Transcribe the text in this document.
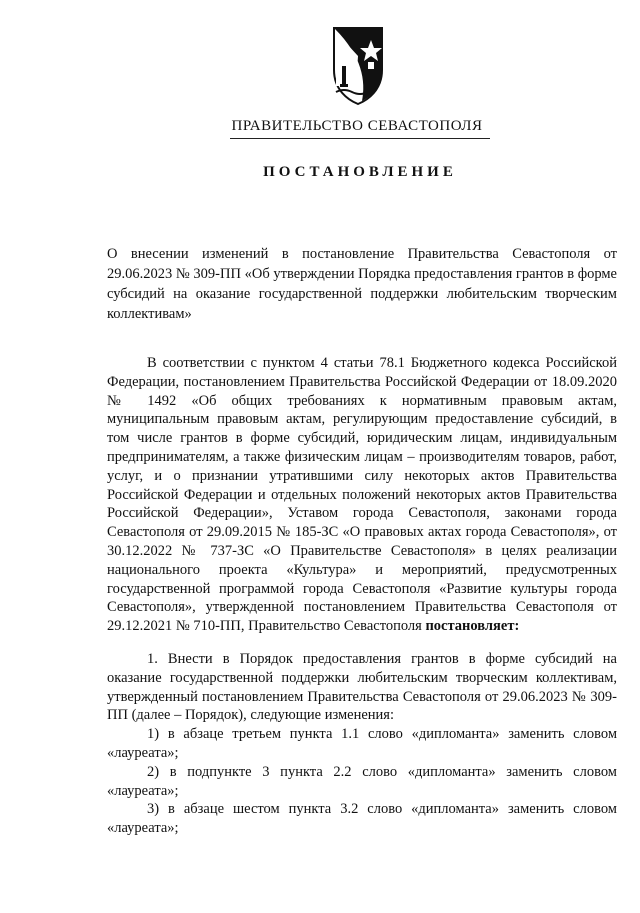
ПРАВИТЕЛЬСТВО СЕВАСТОПОЛЯ
ПОСТАНОВЛЕНИЕ
О внесении изменений в постановление Правительства Севастополя от 29.06.2023 № 309-ПП «Об утверждении Порядка предоставления грантов в форме субсидий на оказание государственной поддержки любительским творческим коллективам»

В соответствии с пунктом 4 статьи 78.1 Бюджетного кодекса Российской Федерации, постановлением Правительства Российской Федерации от 18.09.2020 № 1492 «Об общих требованиях к нормативным правовым актам, муниципальным правовым актам, регулирующим предоставление субсидий, в том числе грантов в форме субсидий, юридическим лицам, индивидуальным предпринимателям, а также физическим лицам – производителям товаров, работ, услуг, и о признании утратившими силу некоторых актов Правительства Российской Федерации и отдельных положений некоторых актов Правительства Российской Федерации», Уставом города Севастополя, законами города Севастополя от 29.09.2015 № 185-ЗС «О правовых актах города Севастополя», от 30.12.2022 № 737-ЗС «О Правительстве Севастополя» в целях реализации национального проекта «Культура» и мероприятий, предусмотренных государственной программой города Севастополя «Развитие культуры города Севастополя», утвержденной постановлением Правительства Севастополя от 29.12.2021 № 710-ПП, Правительство Севастополя постановляет:

1. Внести в Порядок предоставления грантов в форме субсидий на оказание государственной поддержки любительским творческим коллективам, утвержденный постановлением Правительства Севастополя от 29.06.2023 № 309-ПП (далее – Порядок), следующие изменения:

1) в абзаце третьем пункта 1.1 слово «дипломанта» заменить словом «лауреата»;

2) в подпункте 3 пункта 2.2 слово «дипломанта» заменить словом «лауреата»;

3) в абзаце шестом пункта 3.2 слово «дипломанта» заменить словом «лауреата»;
